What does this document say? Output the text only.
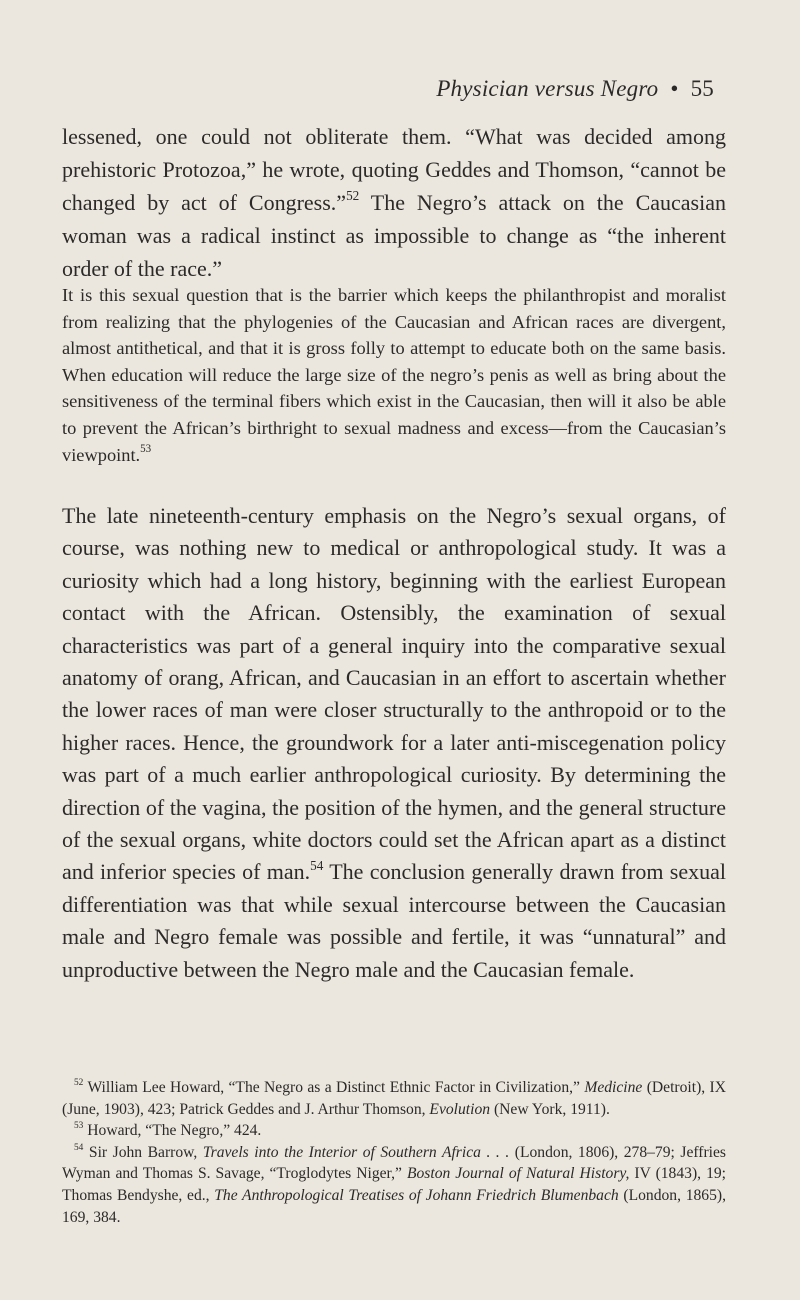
Physician versus Negro • 55

lessened, one could not obliterate them. “What was decided among prehistoric Protozoa,” he wrote, quoting Geddes and Thomson, “cannot be changed by act of Congress.”$^{52}$ The Negro’s attack on the Caucasian woman was a radical instinct as impossible to change as “the inherent order of the race.”

It is this sexual question that is the barrier which keeps the philanthropist and moralist from realizing that the phylogenies of the Caucasian and African races are divergent, almost antithetical, and that it is gross folly to attempt to educate both on the same basis. When education will reduce the large size of the negro’s penis as well as bring about the sensitiveness of the terminal fibers which exist in the Caucasian, then will it also be able to prevent the African’s birthright to sexual madness and excess—from the Caucasian’s viewpoint.$^{53}$

The late nineteenth-century emphasis on the Negro’s sexual organs, of course, was nothing new to medical or anthropological study. It was a curiosity which had a long history, beginning with the earliest European contact with the African. Ostensibly, the examination of sexual characteristics was part of a general inquiry into the comparative sexual anatomy of orang, African, and Caucasian in an effort to ascertain whether the lower races of man were closer structurally to the anthropoid or to the higher races. Hence, the groundwork for a later anti-miscegenation policy was part of a much earlier anthropological curiosity. By determining the direction of the vagina, the position of the hymen, and the general structure of the sexual organs, white doctors could set the African apart as a distinct and inferior species of man.$^{54}$ The conclusion generally drawn from sexual differentiation was that while sexual intercourse between the Caucasian male and Negro female was possible and fertile, it was “unnatural” and unproductive between the Negro male and the Caucasian female.

$^{52}$ William Lee Howard, “The Negro as a Distinct Ethnic Factor in Civilization,” Medicine (Detroit), IX (June, 1903), 423; Patrick Geddes and J. Arthur Thomson, Evolution (New York, 1911).

$^{53}$ Howard, “The Negro,” 424.

$^{54}$ Sir John Barrow, Travels into the Interior of Southern Africa . . . (London, 1806), 278–79; Jeffries Wyman and Thomas S. Savage, “Troglodytes Niger,” Boston Journal of Natural History, IV (1843), 19; Thomas Bendyshe, ed., The Anthropological Treatises of Johann Friedrich Blumenbach (London, 1865), 169, 384.
